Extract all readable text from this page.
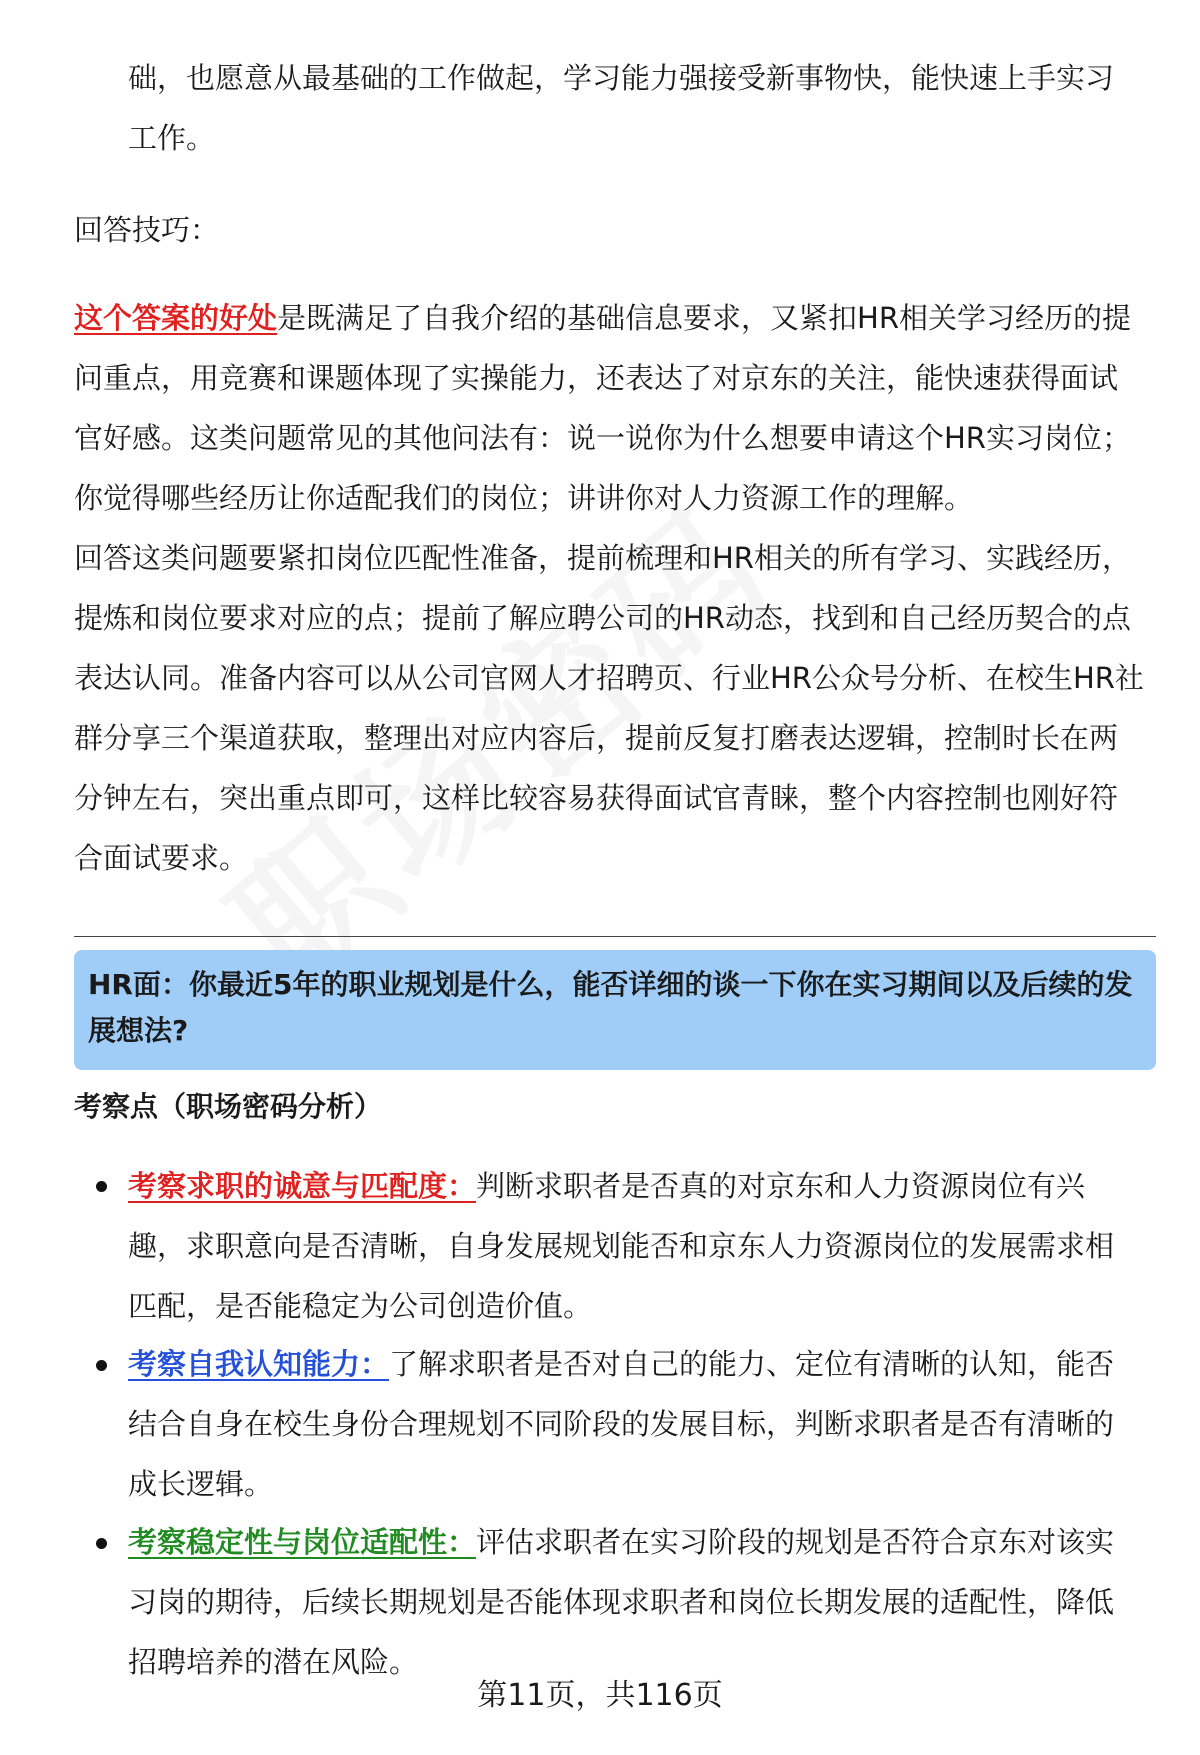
础，也愿意从最基础的工作做起，学习能力强接受新事物快，能快速上手实习工作。

回答技巧：

这个答案的好处是既满足了自我介绍的基础信息要求，又紧扣HR相关学习经历的提问重点，用竞赛和课题体现了实操能力，还表达了对京东的关注，能快速获得面试官好感。这类问题常见的其他问法有：说一说你为什么想要申请这个HR实习岗位；你觉得哪些经历让你适配我们的岗位；讲讲你对人力资源工作的理解。

回答这类问题要紧扣岗位匹配性准备，提前梳理和HR相关的所有学习、实践经历，提炼和岗位要求对应的点；提前了解应聘公司的HR动态，找到和自己经历契合的点表达认同。准备内容可以从公司官网人才招聘页、行业HR公众号分析、在校生HR社群分享三个渠道获取，整理出对应内容后，提前反复打磨表达逻辑，控制时长在两分钟左右，突出重点即可，这样比较容易获得面试官青睐，整个内容控制也刚好符合面试要求。

HR面：你最近5年的职业规划是什么，能否详细的谈一下你在实习期间以及后续的发展想法?

考察点（职场密码分析）

考察求职的诚意与匹配度：判断求职者是否真的对京东和人力资源岗位有兴趣，求职意向是否清晰，自身发展规划能否和京东人力资源岗位的发展需求相匹配，是否能稳定为公司创造价值。

考察自我认知能力：了解求职者是否对自己的能力、定位有清晰的认知，能否结合自身在校生身份合理规划不同阶段的发展目标，判断求职者是否有清晰的成长逻辑。

考察稳定性与岗位适配性：评估求职者在实习阶段的规划是否符合京东对该实习岗的期待，后续长期规划是否能体现求职者和岗位长期发展的适配性，降低招聘培养的潜在风险。

第11页，共116页
